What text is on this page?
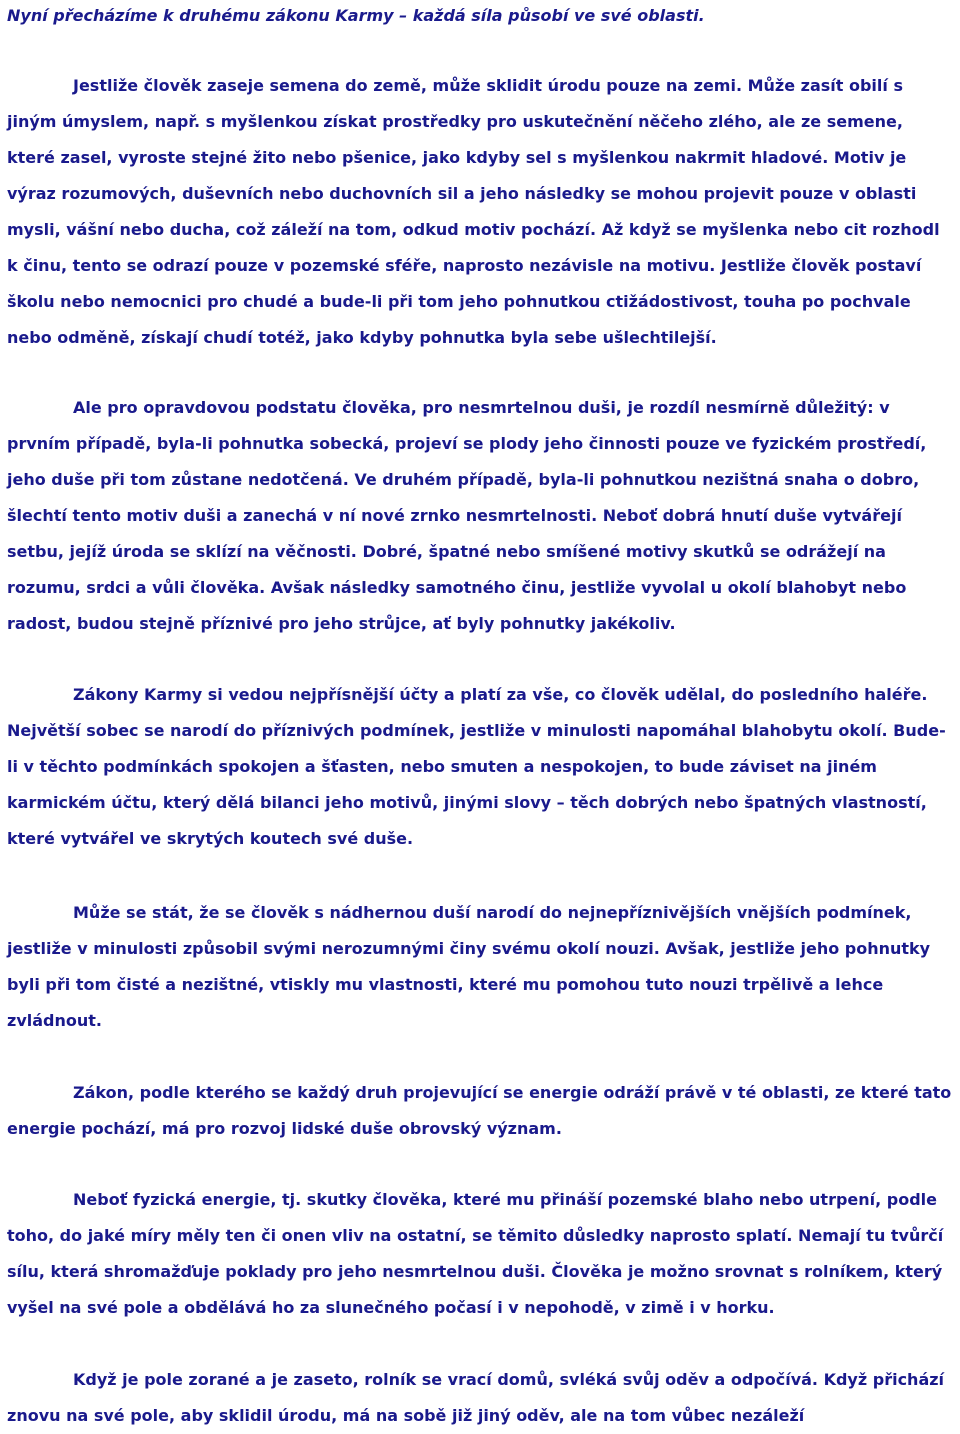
Nyní přecházíme k druhému zákonu Karmy – každá síla působí ve své oblasti.

Jestliže člověk zaseje semena do země, může sklidit úrodu pouze na zemi. Může zasít obilí s jiným úmyslem, např. s myšlenkou získat prostředky pro uskutečnění něčeho zlého, ale ze semene, které zasel, vyroste stejné žito nebo pšenice, jako kdyby sel s myšlenkou nakrmit hladové. Motiv je výraz rozumových, duševních nebo duchovních sil a jeho následky se mohou projevit pouze v oblasti mysli, vášní nebo ducha, což záleží na tom, odkud motiv pochází. Až když se myšlenka nebo cit rozhodl k činu, tento se odrazí pouze v pozemské sféře, naprosto nezávisle na motivu. Jestliže člověk postaví školu nebo nemocnici pro chudé a bude-li při tom jeho pohnutkou ctižádostivost, touha po pochvale nebo odměně, získají chudí totéž, jako kdyby pohnutka byla sebe ušlechtilejší.

Ale pro opravdovou podstatu člověka, pro nesmrtelnou duši, je rozdíl nesmírně důležitý: v prvním případě, byla-li pohnutka sobecká, projeví se plody jeho činnosti pouze ve fyzickém prostředí, jeho duše při tom zůstane nedotčená. Ve druhém případě, byla-li pohnutkou nezištná snaha o dobro, šlechtí tento motiv duši a zanechá v ní nové zrnko nesmrtelnosti. Neboť dobrá hnutí duše vytvářejí setbu, jejíž úroda se sklízí na věčnosti. Dobré, špatné nebo smíšené motivy skutků se odrážejí na rozumu, srdci a vůli člověka. Avšak následky samotného činu, jestliže vyvolal u okolí blahobyt nebo radost, budou stejně příznivé pro jeho strůjce, ať byly pohnutky jakékoliv.

Zákony Karmy si vedou nejpřísnější účty a platí za vše, co člověk udělal, do posledního haléře. Největší sobec se narodí do příznivých podmínek, jestliže v minulosti napomáhal blahobytu okolí. Bude-li v těchto podmínkách spokojen a šťasten, nebo smuten a nespokojen, to bude záviset na jiném karmickém účtu, který dělá bilanci jeho motivů, jinými slovy – těch dobrých nebo špatných vlastností, které vytvářel ve skrytých koutech své duše.

Může se stát, že se člověk s nádhernou duší narodí do nejnepříznivějších vnějších podmínek, jestliže v minulosti způsobil svými nerozumnými činy svému okolí nouzi. Avšak, jestliže jeho pohnutky byli při tom čisté a nezištné, vtiskly mu vlastnosti, které mu pomohou tuto nouzi trpělivě a lehce zvládnout.

Zákon, podle kterého se každý druh projevující se energie odráží právě v té oblasti, ze které tato energie pochází, má pro rozvoj lidské duše obrovský význam.

Neboť fyzická energie, tj. skutky člověka, které mu přináší pozemské blaho nebo utrpení, podle toho, do jaké míry měly ten či onen vliv na ostatní, se těmito důsledky naprosto splatí. Nemají tu tvůrčí sílu, která shromažďuje poklady pro jeho nesmrtelnou duši. Člověka je možno srovnat s rolníkem, který vyšel na své pole a obdělává ho za slunečného počasí i v nepohodě, v zimě i v horku.

Když je pole zorané a je zaseto, rolník se vrací domů, svléká svůj oděv a odpočívá. Když přichází znovu na své pole, aby sklidil úrodu, má na sobě již jiný oděv, ale na tom vůbec nezáleží
